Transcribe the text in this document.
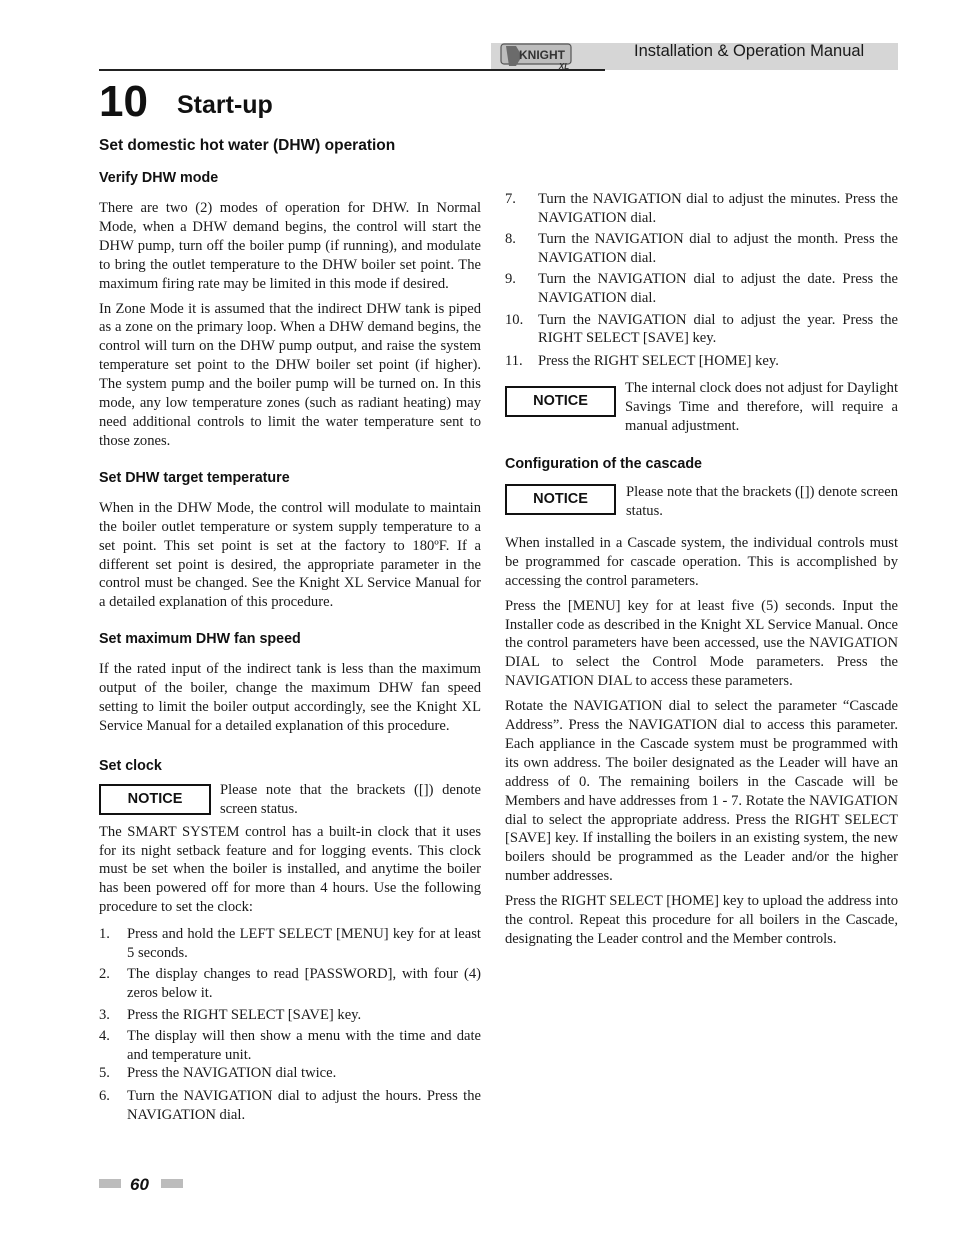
KNIGHT
XL
Installation & Operation Manual
10 Start-up
Set domestic hot water (DHW) operation
Verify DHW mode

There are two (2) modes of operation for DHW. In Normal Mode, when a DHW demand begins, the control will start the DHW pump, turn off the boiler pump (if running), and modulate to bring the outlet temperature to the DHW boiler set point. The maximum firing rate may be limited in this mode if desired.

In Zone Mode it is assumed that the indirect DHW tank is piped as a zone on the primary loop. When a DHW demand begins, the control will turn on the DHW pump output, and raise the system temperature set point to the DHW boiler set point (if higher). The system pump and the boiler pump will be turned on. In this mode, any low temperature zones (such as radiant heating) may need additional controls to limit the water temperature sent to those zones.

Set DHW target temperature

When in the DHW Mode, the control will modulate to maintain the boiler outlet temperature or system supply temperature to a set point. This set point is set at the factory to 180ºF. If a different set point is desired, the appropriate parameter in the control must be changed. See the Knight XL Service Manual for a detailed explanation of this procedure.

Set maximum DHW fan speed

If the rated input of the indirect tank is less than the maximum output of the boiler, change the maximum DHW fan speed setting to limit the boiler output accordingly, see the Knight XL Service Manual for a detailed explanation of this procedure.

Set clock
NOTICE
Please note that the brackets ([]) denote screen status.

The SMART SYSTEM control has a built-in clock that it uses for its night setback feature and for logging events. This clock must be set when the boiler is installed, and anytime the boiler has been powered off for more than 4 hours. Use the following procedure to set the clock:

1. Press and hold the LEFT SELECT [MENU] key for at least 5 seconds.
2. The display changes to read [PASSWORD], with four (4) zeros below it.
3. Press the RIGHT SELECT [SAVE] key.
4. The display will then show a menu with the time and date and temperature unit.
5. Press the NAVIGATION dial twice.
6. Turn the NAVIGATION dial to adjust the hours. Press the NAVIGATION dial.
7. Turn the NAVIGATION dial to adjust the minutes. Press the NAVIGATION dial.
8. Turn the NAVIGATION dial to adjust the month. Press the NAVIGATION dial.
9. Turn the NAVIGATION dial to adjust the date. Press the NAVIGATION dial.
10. Turn the NAVIGATION dial to adjust the year. Press the RIGHT SELECT [SAVE] key.
11. Press the RIGHT SELECT [HOME] key.
NOTICE
The internal clock does not adjust for Daylight Savings Time and therefore, will require a manual adjustment.
Configuration of the cascade
NOTICE	Please note that the brackets ([]) denote screen status.

When installed in a Cascade system, the individual controls must be programmed for cascade operation. This is accomplished by accessing the control parameters.

Press the [MENU] key for at least five (5) seconds. Input the Installer code as described in the Knight XL Service Manual. Once the control parameters have been accessed, use the NAVIGATION DIAL to select the Control Mode parameters. Press the NAVIGATION DIAL to access these parameters.

Rotate the NAVIGATION dial to select the parameter “Cascade Address”. Press the NAVIGATION dial to access this parameter. Each appliance in the Cascade system must be programmed with its own address. The boiler designated as the Leader will have an address of 0. The remaining boilers in the Cascade will be Members and have addresses from 1 - 7. Rotate the NAVIGATION dial to select the appropriate address. Press the RIGHT SELECT [SAVE] key. If installing the boilers in an existing system, the new boilers should be programmed as the Leader and/or the higher number addresses.

Press the RIGHT SELECT [HOME] key to upload the address into the control. Repeat this procedure for all boilers in the Cascade, designating the Leader control and the Member controls.

60
